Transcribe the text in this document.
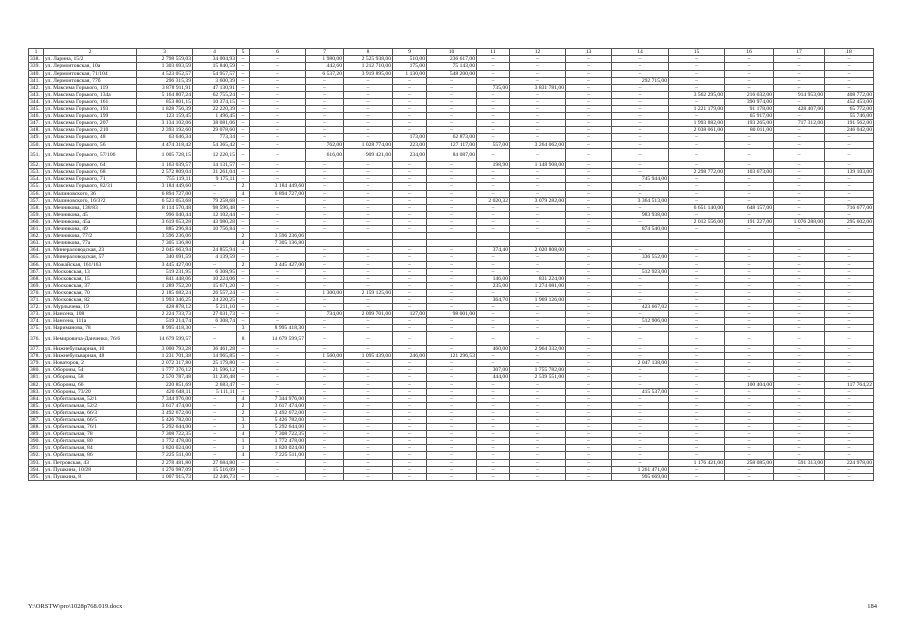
1	2	3	4	5	6	7	8	9	10	11	12	13	14	15	16	17	18
338.	ул. Ларина, 15/2	2 798 559,03	34 004,93	–	–	1 980,00	2 525 938,00	510,00	236 617,00	–	–	–	–	–	–	–	–
339.	ул. Лермонтовская, 10a	1 303 693,59	15 840,59	–	–	442,60	1 212 710,00	175,00	75 143,00	–	–	–	–	–	–	–	–
340.	ул. Лермонтовская, 71/104	4 523 052,57	54 957,57	–	–	6 537,20	3 919 895,00	1 130,00	548 200,00	–	–	–	–	–	–	–	–
341.	ул. Лермонтовская, 77б	296 315,39	3 600,39	–	–	–	–	–	–	–	–	–	292 715,00	–	–	–	–
342.	ул. Максима Горького, 119	3 878 911,91	47 130,91	–	–	–	–	–	–	735,00	3 831 781,00	–	–	–	–	–	–
343.	ул. Максима Горького, 134a	5 164 807,24	62 755,24	–	–	–	–	–	–	–	–	–	–	3 562 295,00	216 032,00	914 953,00	408 772,00
344.	ул. Максима Горького, 161	853 801,15	10 374,15	–	–	–	–	–	–	–	–	–	–	–	390 974,00	–	452 453,00
345.	ул. Максима Горького, 193	1 828 756,39	22 220,39	–	–	–	–	–	–	–	–	–	–	1 221 179,00	91 178,00	428 407,00	65 772,00
346.	ул. Максима Горького, 199	123 159,45	1 496,45	–	–	–	–	–	–	–	–	–	–	–	65 917,00	–	55 746,00
347.	ул. Максима Горького, 207	3 134 102,06	38 081,06	–	–	–	–	–	–	–	–	–	–	1 993 882,00	193 265,00	717 312,00	191 562,00
348.	ул. Максима Горького, 210	2 393 192,60	29 078,60	–	–	–	–	–	–	–	–	–	–	2 038 061,00	80 011,00	–	246 042,00
349.	ул. Максима Горького, 48	63 646,34	773,34	–	–	–	–	173,00	62 873,00	–	–	–	–	–	–	–	–
350.	ул. Максима Горького, 56	4 474 318,42	54 365,42	–	–	762,00	1 028 774,00	223,00	127 117,00	557,00	3 264 062,00	–	–	–	–	–	–
351.	ул. Максима Горького, 57/106	1 005 728,15	12 220,15	–	–	616,00	909 421,00	234,00	84 087,00	–	–	–	–	–	–	–	–
352.	ул. Максима Горького, 64	1 163 039,57	14 131,57	–	–	–	–	–	–	198,90	1 148 908,00	–	–	–	–	–	–
353.	ул. Максима Горького, 68	2 572 809,04	31 261,04	–	–	–	–	–	–	–	–	–	–	2 298 772,00	103 673,00	–	139 103,00
354.	ул. Максима Горького, 71	755 119,11	9 175,11	–	–	–	–	–	–	–	–	–	745 944,00	–	–	–	–
355.	ул. Максима Горького, 82/31	3 184 449,60	–	2	3 184 449,60	–	–	–	–	–	–	–	–	–	–	–	–
356.	ул. Малиновского, 36	6 894 727,00	–	4	6 894 727,00	–	–	–	–	–	–	–	–	–	–	–	–
357.	ул. Малиновского, 16/3?2	6 523 053,68	79 258,68	–	–	–	–	–	–	2 020,32	3 079 282,00	–	3 364 513,00	–	–	–	–
358.	ул. Мечникова, 138/83	8 114 570,48	98 596,48	–	–	–	–	–	–	–	–	–	–	6 651 140,00	648 157,00	–	716 677,00
359.	ул. Мечникова, 45	996 040,44	12 102,44	–	–	–	–	–	–	–	–	–	983 938,00	–	–	–	–
360.	ул. Мечникова, 45a	3 619 653,28	43 980,28	–	–	–	–	–	–	–	–	–	–	2 012 556,00	191 227,00	1 076 288,00	295 602,00
361.	ул. Мечникова, 49	885 296,84	10 756,84	–	–	–	–	–	–	–	–	–	874 540,00	–	–	–	–
362.	ул. Мечникова, 77/2	3 596 236,06		2	3 596 236,06												
363.	ул. Мечникова, 77a	7 305 136,80		4	7 305 136,80												
364.	ул. Минераловодская, 23	2 045 663,94	24 855,94	–	–	–	–	–	–	374,40	2 020 808,00	–	–	–	–	–	–
365.	ул. Минераловодская, 57	340 691,59	4 139,59	–	–	–	–	–	–	–	–	–	336 552,00	–	–	–	–
366.	ул. Можайская, 161/163	3 445 427,00	–	2	3 445 427,00	–	–	–	–	–	–	–	–	–	–	–	–
367.	ул. Московская, 13	519 231,95	6 308,95	–	–	–	–	–	–	–	–	–	512 923,00	–	–	–	–
368.	ул. Московская, 15	841 448,06	10 224,06	–	–	–	–	–	–	146,00	831 224,00	–	–	–	–	–	–
369.	ул. Московская, 37	1 289 752,20	15 671,20	–	–	–	–	–	–	235,00	1 274 081,00	–	–	–	–	–	–
370.	ул. Московская, 70	2 185 682,24	26 557,24	–	–	1 300,00	2 159 125,00	–	–	–	–	–	–	–	–	–	–
371.	ул. Московская, 82	1 993 346,25	24 220,25	–	–	–	–	–	–	364,70	1 969 126,00	–	–	–	–	–	–
372.	ул. Мурлычева, 19	428 878,12	5 211,10	–	–	–	–	–	–	–	–	–	423 667,02	–	–	–	–
373.	ул. Нансена, 108	2 224 733,73	27 031,73	–	–	734,00	2 099 701,00	127,00	98 001,00	–	–	–	–	–	–	–	–
374.	ул. Нансена, 111a	519 214,74	6 308,74	–	–	–	–	–	–	–	–	–	512 906,00	–	–	–	–
375.	ул. Нариманова, 78	8 995 418,30	–	3	8 995 418,30	–	–	–	–	–	–	–	–	–	–	–	–
376.	ул. Немировича-Данченко, 76/6	14 679 599,57	–	8	14 679 599,57	–	–	–	–	–	–	–	–	–	–	–	–
377.	ул. Нижнебульварная, 10	3 000 793,28	36 461,28	–	–	–	–	–	–	460,00	2 964 332,00	–	–	–	–	–	–
378.	ул. Нижнебульварная, 48	1 231 701,38	14 965,85	–	–	1 560,00	1 095 439,00	246,00	121 296,53	–	–	–	–	–	–	–	–
379.	ул. Новаторов, 2	2 072 317,80	25 179,80	–	–	–	–	–	–	–	–	–	2 047 138,00	–	–	–	–
380.	ул. Обороны, 54	1 777 376,12	21 596,12	–	–	–	–	–	–	307,00	1 755 782,00	–	–	–	–	–	–
381.	ул. Обороны, 58	2 570 787,48	31 236,48	–	–	–	–	–	–	444,00	2 539 551,00	–	–	–	–	–	–
382.	ул. Обороны, 66	220 851,69	2 683,47	–	–	–	–	–	–	–	–	–	–	–	100 404,00	–	117 764,22
383.	ул. Обороны, 73/20	420 648,11	5 111,11	–	–	–	–	–	–	–	–	–	415 537,00	–	–	–	–
384.	ул. Орбитальная, 52/1	7 344 976,00	–	4	7 344 976,00	–	–	–	–	–	–	–	–	–	–	–	–
385.	ул. Орбитальная, 52/2	3 617 474,00	–	2	3 617 474,00	–	–	–	–	–	–	–	–	–	–	–	–
386.	ул. Орбитальная, 66/3	3 492 672,00	–	2	3 492 672,00	–	–	–	–	–	–	–	–	–	–	–	–
387.	ул. Орбитальная, 66/5	5 426 782,00	–	3	5 426 782,00	–	–	–	–	–	–	–	–	–	–	–	–
388.	ул. Орбитальная, 76/1	5 292 644,00	–	3	5 292 644,00	–	–	–	–	–	–	–	–	–	–	–	–
389.	ул. Орбитальная, 78	7 308 722,35	–	4	7 308 722,35	–	–	–	–	–	–	–	–	–	–	–	–
390.	ул. Орбитальная, 80	1 772 478,00	–	1	1 772 478,00	–	–	–	–	–	–	–	–	–	–	–	–
391.	ул. Орбитальная, 84	1 820 024,00	–	1	1 820 024,00	–	–	–	–	–	–	–	–	–	–	–	–
392.	ул. Орбитальная, 86	7 225 511,00	–	4	7 225 511,00	–	–	–	–	–	–	–	–	–	–	–	–
393.	ул. Петровская, 43	2 278 481,80	27 684,80	–	–	–	–	–	–	–	–	–	–	1 176 421,00	258 085,00	591 313,00	224 978,00
394.	ул. Пушкина, 10/28	1 276 987,09	15 516,09	–	–	–	–	–	–	–	–	–	1 261 471,00	–	–	–	–
395.	ул. Пушкина, 8	1 007 915,73	12 246,73	–	–	–	–	–	–	–	–	–	995 669,00	–	–	–	–
Y:\ORSTW\pro\1028p768.019.docx	184
